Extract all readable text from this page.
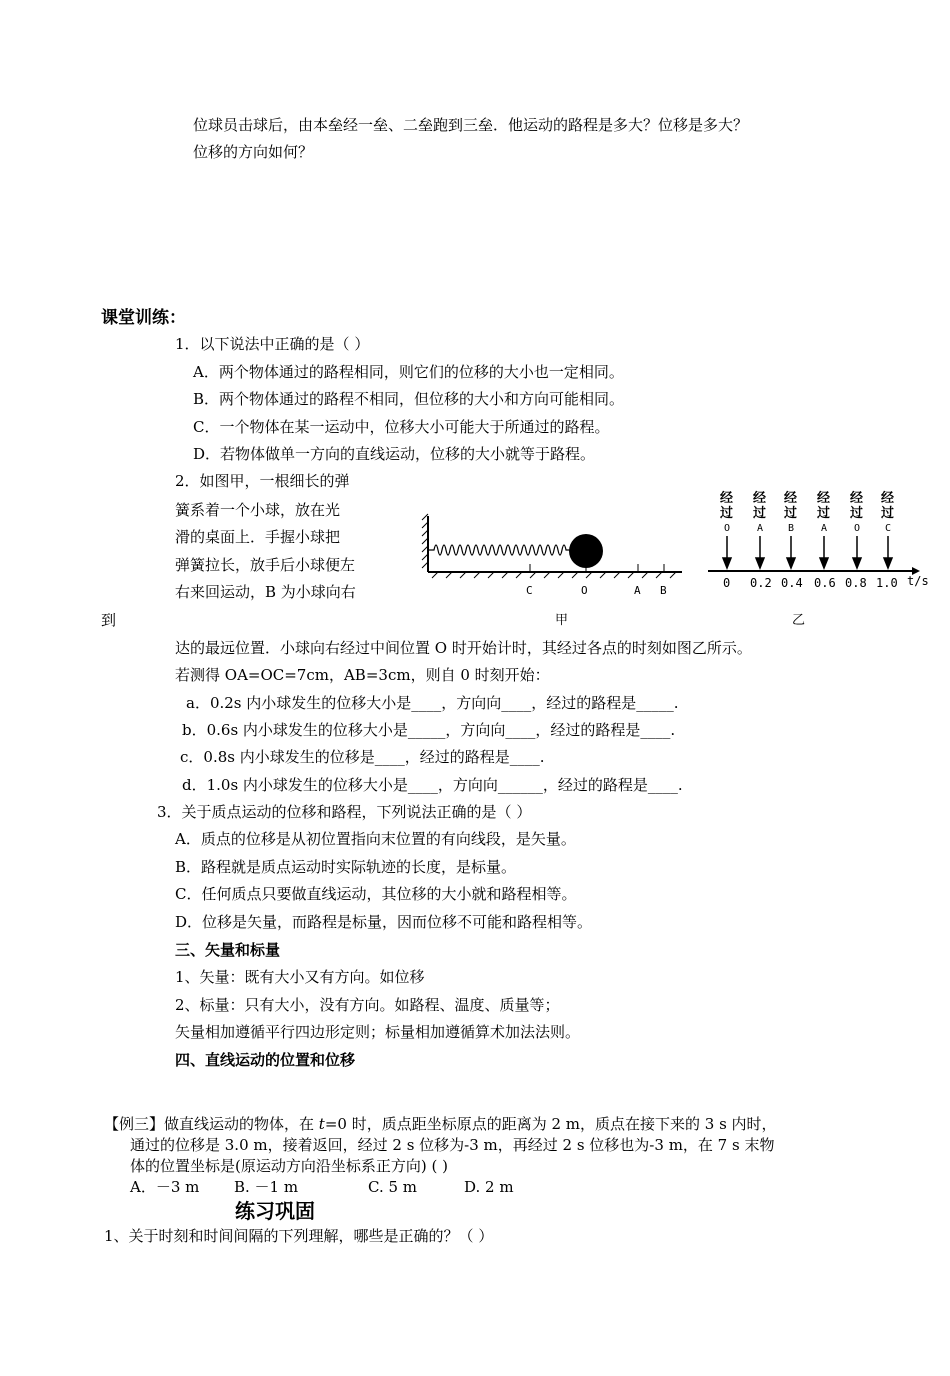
位球员击球后，由本垒经一垒、二垒跑到三垒．他运动的路程是多大？位移是多大？
位移的方向如何？
课堂训练：
1．以下说法中正确的是（ ）
A．两个物体通过的路程相同，则它们的位移的大小也一定相同。
B．两个物体通过的路程不相同，但位移的大小和方向可能相同。
C．一个物体在某一运动中，位移大小可能大于所通过的路程。
D．若物体做单一方向的直线运动，位移的大小就等于路程。
2．如图甲，一根细长的弹
簧系着一个小球，放在光
滑的桌面上．手握小球把
弹簧拉长，放手后小球便左
右来回运动，B 为小球向右
到
C	O	A B
甲
经
过
经
过
经
过
经
过
经
过
经
过
O	A B	A	O C
0 0.2 0.4 0.6 0.8 1.0 t/s
乙
达的最远位置．小球向右经过中间位置 O 时开始计时，其经过各点的时刻如图乙所示。
若测得 OA=OC=7cm，AB=3cm，则自 0 时刻开始：
a．0.2s 内小球发生的位移大小是____，方向向____，经过的路程是_____.
b．0.6s 内小球发生的位移大小是_____，方向向____，经过的路程是____.
c．0.8s 内小球发生的位移是____，经过的路程是____.
d．1.0s 内小球发生的位移大小是____，方向向______，经过的路程是____.
3．关于质点运动的位移和路程，下列说法正确的是（ ）
A．质点的位移是从初位置指向末位置的有向线段，是矢量。
B．路程就是质点运动时实际轨迹的长度，是标量。
C．任何质点只要做直线运动，其位移的大小就和路程相等。
D．位移是矢量，而路程是标量，因而位移不可能和路程相等。
三、矢量和标量
1、矢量：既有大小又有方向。如位移
2、标量：只有大小，没有方向。如路程、温度、质量等；
矢量相加遵循平行四边形定则；标量相加遵循算术加法法则。
四、直线运动的位置和位移
【例三】做直线运动的物体，在 t=0 时，质点距坐标原点的距离为 2 m，质点在接下来的 3 s 内时，
通过的位移是 3.0 m，接着返回，经过 2 s 位移为-3 m，再经过 2 s 位移也为-3 m，在 7 s 末物
体的位置坐标是(原运动方向沿坐标系正方向) ( )
A．－3 m B. －1 m	C. 5 m	D. 2 m
练习巩固
1、关于时刻和时间间隔的下列理解，哪些是正确的？（ ）
